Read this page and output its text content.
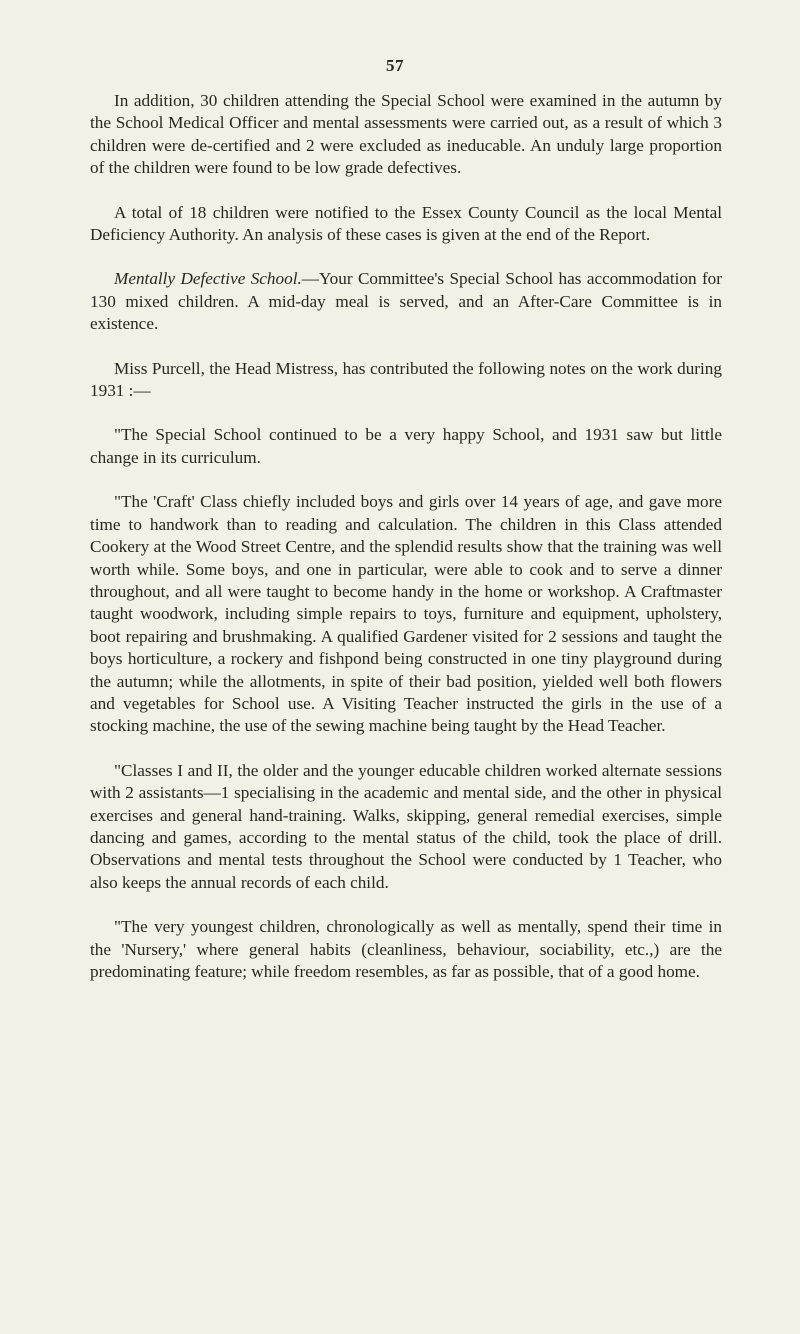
57

In addition, 30 children attending the Special School were examined in the autumn by the School Medical Officer and mental assessments were carried out, as a result of which 3 children were de-certified and 2 were excluded as ineducable. An unduly large proportion of the children were found to be low grade defectives.

A total of 18 children were notified to the Essex County Council as the local Mental Deficiency Authority. An analysis of these cases is given at the end of the Report.

Mentally Defective School.—Your Committee's Special School has accommodation for 130 mixed children. A mid-day meal is served, and an After-Care Committee is in existence.

Miss Purcell, the Head Mistress, has contributed the following notes on the work during 1931 :—

"The Special School continued to be a very happy School, and 1931 saw but little change in its curriculum.

"The 'Craft' Class chiefly included boys and girls over 14 years of age, and gave more time to handwork than to reading and calculation. The children in this Class attended Cookery at the Wood Street Centre, and the splendid results show that the training was well worth while. Some boys, and one in particular, were able to cook and to serve a dinner throughout, and all were taught to become handy in the home or workshop. A Craftmaster taught woodwork, including simple repairs to toys, furniture and equipment, upholstery, boot repairing and brushmaking. A qualified Gardener visited for 2 sessions and taught the boys horticulture, a rockery and fishpond being constructed in one tiny playground during the autumn; while the allotments, in spite of their bad position, yielded well both flowers and vegetables for School use. A Visiting Teacher instructed the girls in the use of a stocking machine, the use of the sewing machine being taught by the Head Teacher.

"Classes I and II, the older and the younger educable children worked alternate sessions with 2 assistants—1 specialising in the academic and mental side, and the other in physical exercises and general hand-training. Walks, skipping, general remedial exercises, simple dancing and games, according to the mental status of the child, took the place of drill. Observations and mental tests throughout the School were conducted by 1 Teacher, who also keeps the annual records of each child.

"The very youngest children, chronologically as well as mentally, spend their time in the 'Nursery,' where general habits (cleanliness, behaviour, sociability, etc.,) are the predominating feature; while freedom resembles, as far as possible, that of a good home.
